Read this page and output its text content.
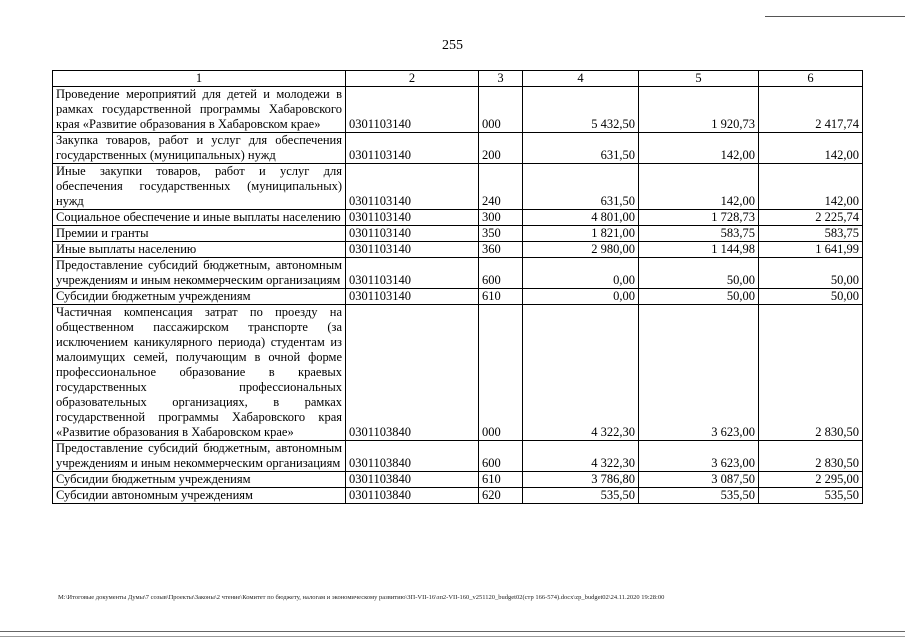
255
1	2	3	4	5	6
Проведение мероприятий для детей и молодежи в рамках государственной программы Хабаровского края «Развитие образования в Хабаровском крае»	0301103140	000	5 432,50	1 920,73	2 417,74
Закупка товаров, работ и услуг для обеспечения государственных (муниципальных) нужд	0301103140	200	631,50	142,00	142,00
Иные закупки товаров, работ и услуг для обеспечения государственных (муниципальных) нужд	0301103140	240	631,50	142,00	142,00
Социальное обеспечение и иные выплаты населению	0301103140	300	4 801,00	1 728,73	2 225,74
Премии и гранты	0301103140	350	1 821,00	583,75	583,75
Иные выплаты населению	0301103140	360	2 980,00	1 144,98	1 641,99
Предоставление субсидий бюджетным, автономным учреждениям и иным некоммерческим организациям	0301103140	600	0,00	50,00	50,00
Субсидии бюджетным учреждениям	0301103140	610	0,00	50,00	50,00
Частичная компенсация затрат по проезду на общественном пассажирском транспорте (за исключением каникулярного периода) студентам из малоимущих семей, получающим в очной форме профессиональное образование в краевых государственных профессиональных образовательных организациях, в рамках государственной программы Хабаровского края «Развитие образования в Хабаровском крае»	0301103840	000	4 322,30	3 623,00	2 830,50
Предоставление субсидий бюджетным, автономным учреждениям и иным некоммерческим организациям	0301103840	600	4 322,30	3 623,00	2 830,50
Субсидии бюджетным учреждениям	0301103840	610	3 786,80	3 087,50	2 295,00
Субсидии автономным учреждениям	0301103840	620	535,50	535,50	535,50
M:\Итоговые документы Думы\7 созыв\Проекты\Законы\2 чтение\Комитет по бюджету, налогам и экономическому развитию\ЗП-VII-16\зп2-VII-160_v251120_budget02(стр 166-574).docx\zp_budget02\24.11.2020 19:28:00
